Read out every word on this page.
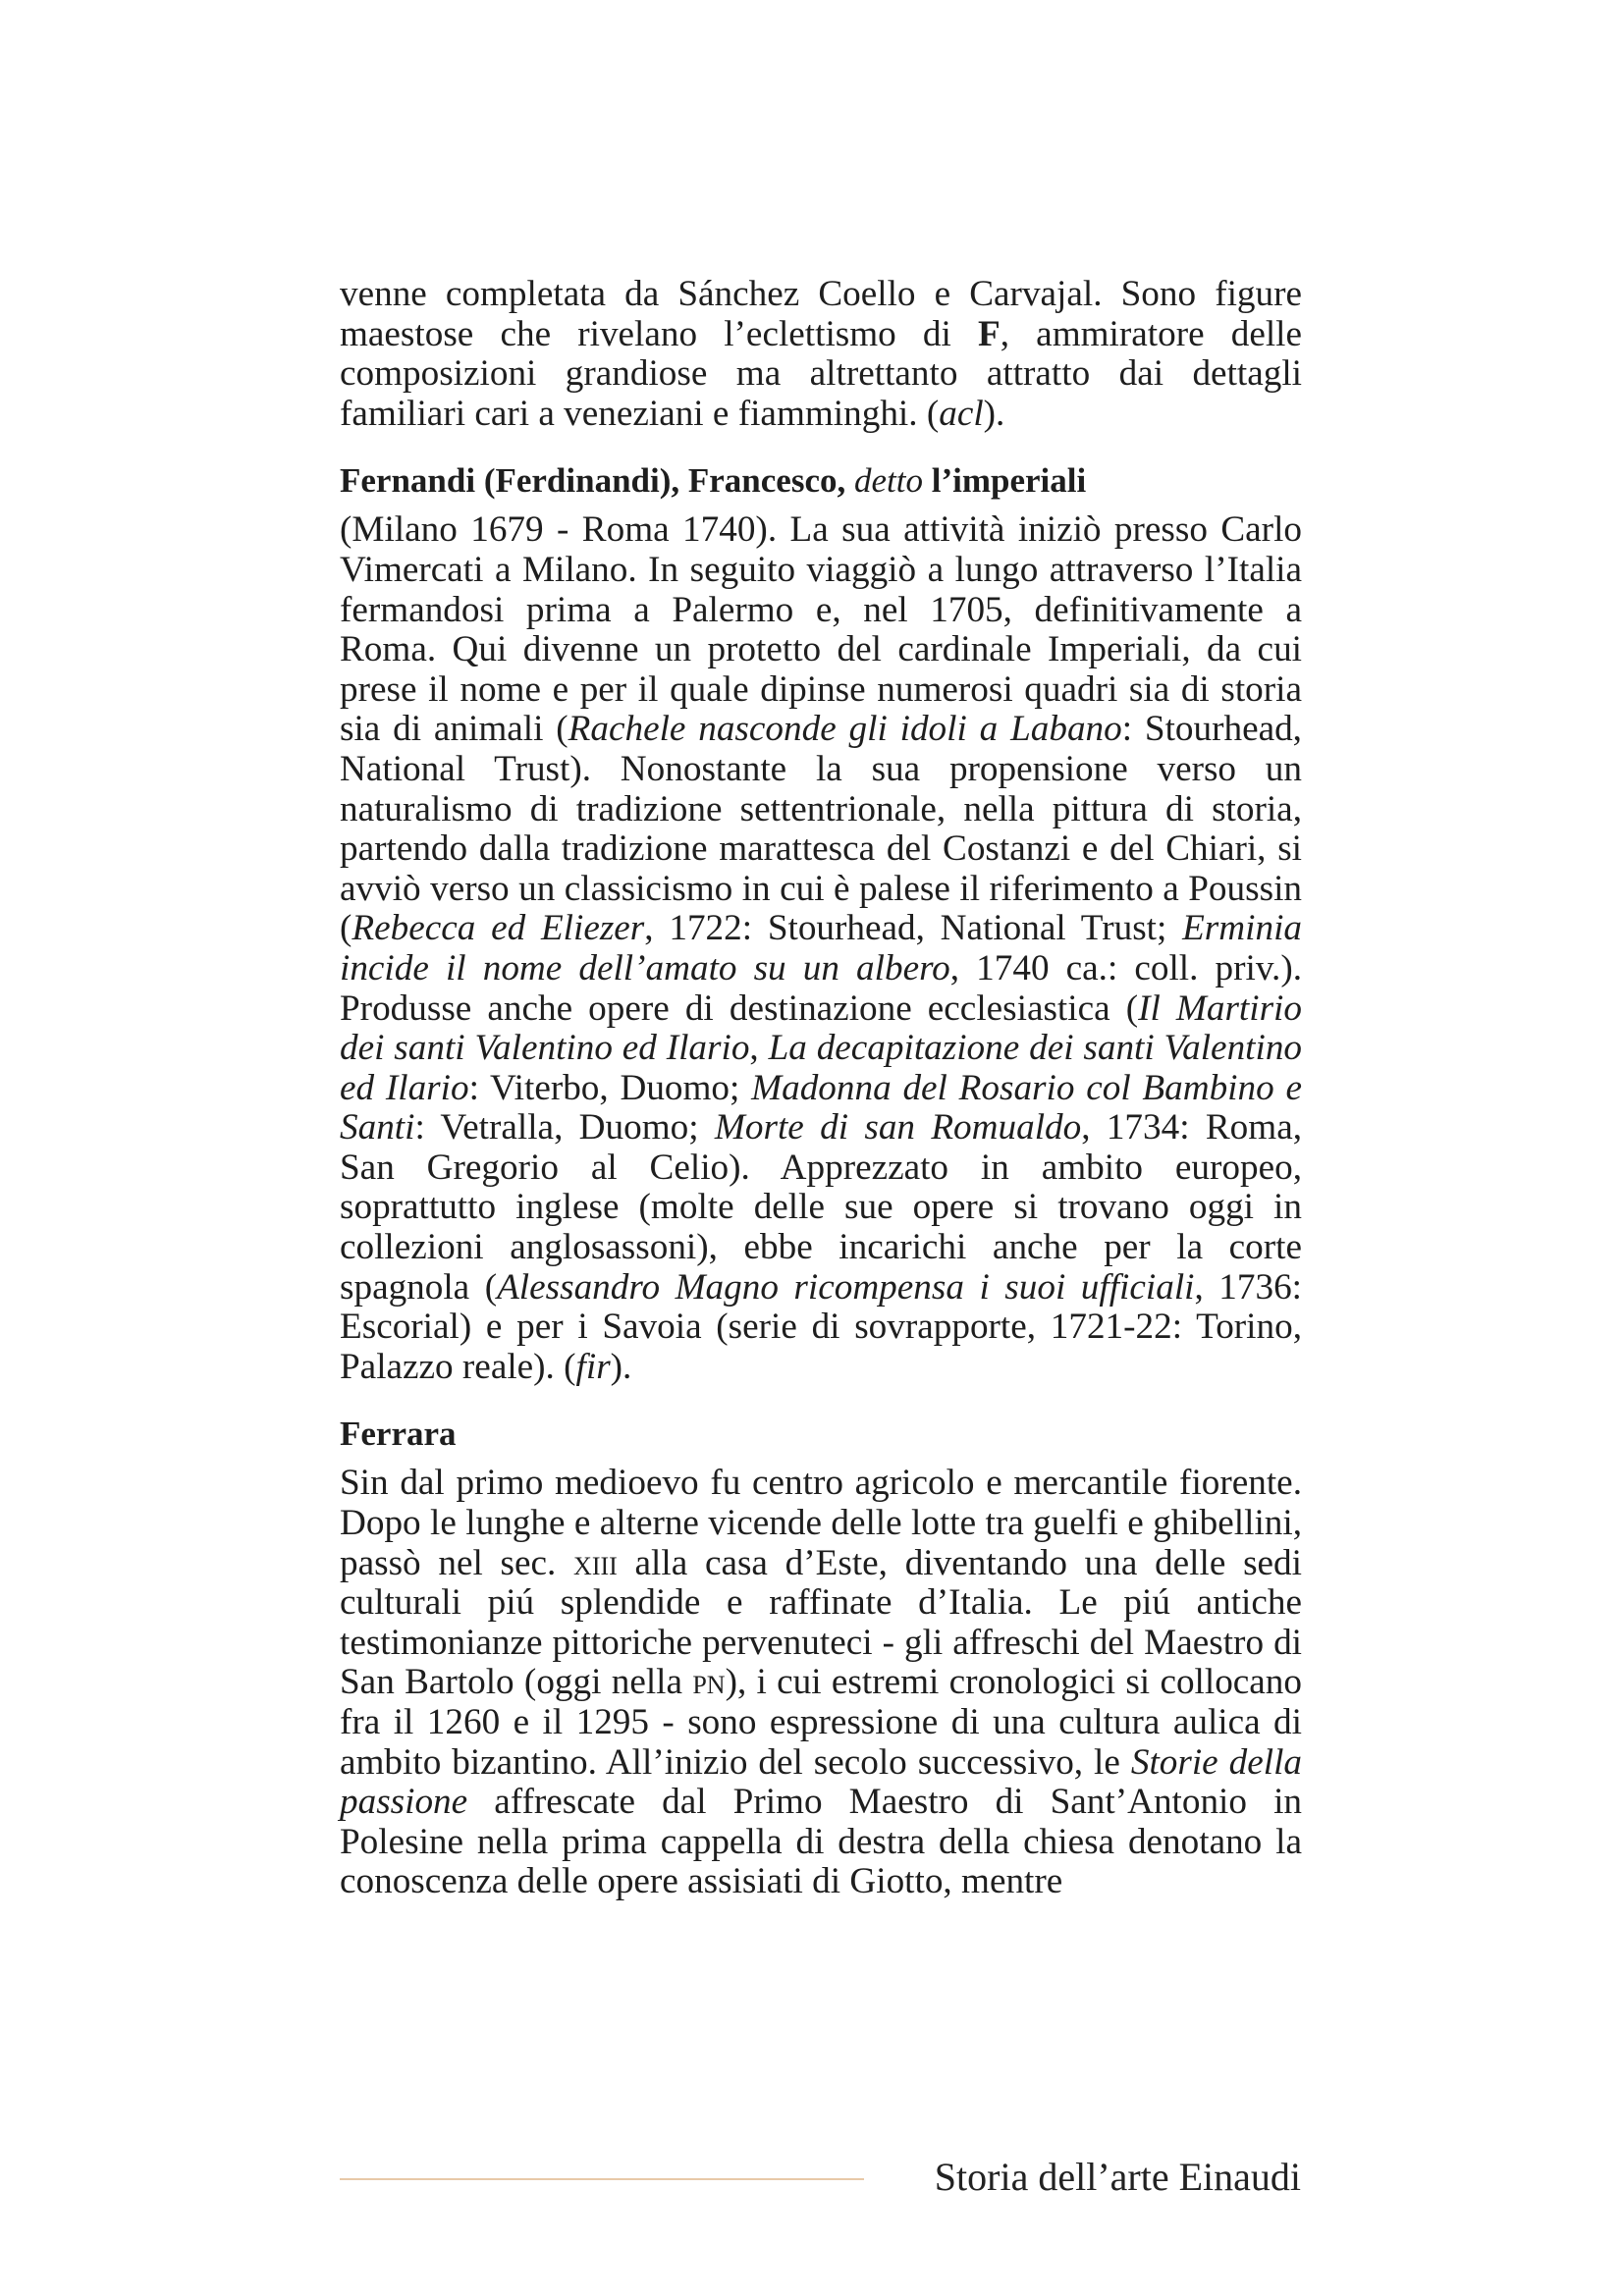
venne completata da Sánchez Coello e Carvajal. Sono figure maestose che rivelano l’eclettismo di F, ammiratore delle composizioni grandiose ma altrettanto attratto dai dettagli familiari cari a veneziani e fiamminghi. (acl).

Fernandi (Ferdinandi), Francesco, detto l’imperiali

(Milano 1679 - Roma 1740). La sua attività iniziò presso Carlo Vimercati a Milano. In seguito viaggiò a lungo attraverso l’Italia fermandosi prima a Palermo e, nel 1705, definitivamente a Roma. Qui divenne un protetto del cardinale Imperiali, da cui prese il nome e per il quale dipinse numerosi quadri sia di storia sia di animali (Rachele nasconde gli idoli a Labano: Stourhead, National Trust). Nonostante la sua propensione verso un naturalismo di tradizione settentrionale, nella pittura di storia, partendo dalla tradizione marattesca del Costanzi e del Chiari, si avviò verso un classicismo in cui è palese il riferimento a Poussin (Rebecca ed Eliezer, 1722: Stourhead, National Trust; Erminia incide il nome dell’amato su un albero, 1740 ca.: coll. priv.). Produsse anche opere di destinazione ecclesiastica (Il Martirio dei santi Valentino ed Ilario, La decapitazione dei santi Valentino ed Ilario: Viterbo, Duomo; Madonna del Rosario col Bambino e Santi: Vetralla, Duomo; Morte di san Romualdo, 1734: Roma, San Gregorio al Celio). Apprezzato in ambito europeo, soprattutto inglese (molte delle sue opere si trovano oggi in collezioni anglosassoni), ebbe incarichi anche per la corte spagnola (Alessandro Magno ricompensa i suoi ufficiali, 1736: Escorial) e per i Savoia (serie di sovrapporte, 1721-22: Torino, Palazzo reale). (fir).

Ferrara

Sin dal primo medioevo fu centro agricolo e mercantile fiorente. Dopo le lunghe e alterne vicende delle lotte tra guelfi e ghibellini, passò nel sec. xiii alla casa d’Este, diventando una delle sedi culturali piú splendide e raffinate d’Italia. Le piú antiche testimonianze pittoriche pervenuteci - gli affreschi del Maestro di San Bartolo (oggi nella pn), i cui estremi cronologici si collocano fra il 1260 e il 1295 - sono espressione di una cultura aulica di ambito bizantino. All’inizio del secolo successivo, le Storie della passione affrescate dal Primo Maestro di Sant’Antonio in Polesine nella prima cappella di destra della chiesa denotano la conoscenza delle opere assisiati di Giotto, mentre

Storia dell’arte Einaudi
